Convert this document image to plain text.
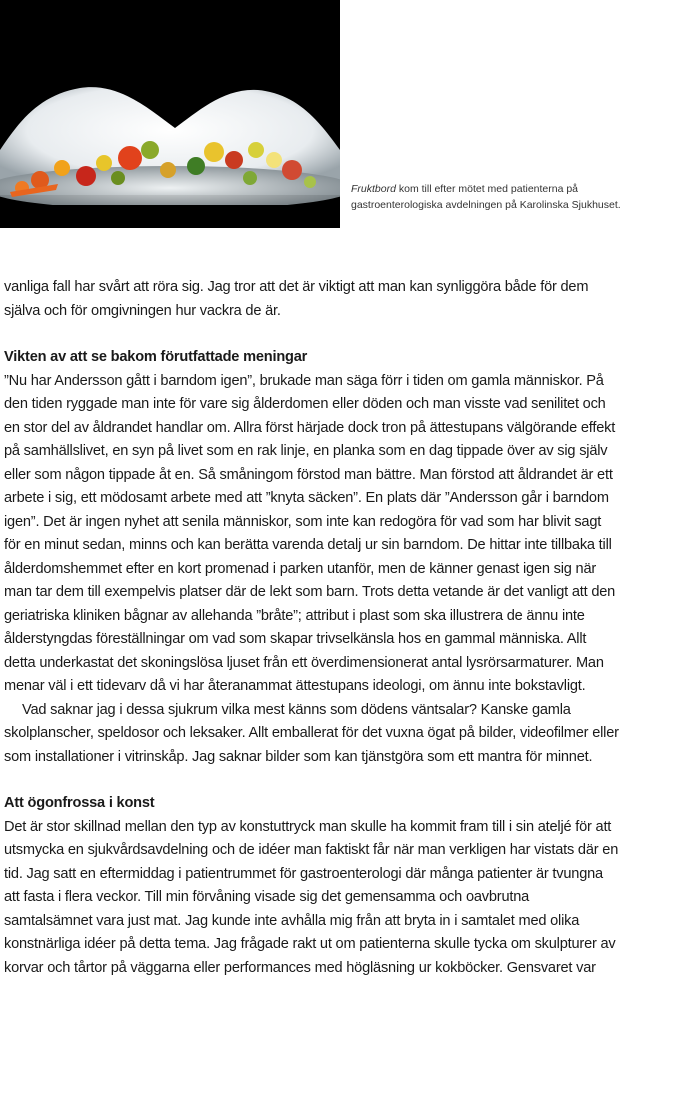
Fruktbord kom till efter mötet med patienterna på gastroenterologiska avdelningen på Karolinska Sjukhuset.

vanliga fall har svårt att röra sig. Jag tror att det är viktigt att man kan synliggöra både för dem själva och för omgivningen hur vackra de är.

Vikten av att se bakom förutfattade meningar

”Nu har Andersson gått i barndom igen”, brukade man säga förr i tiden om gamla människor. På den tiden ryggade man inte för vare sig ålderdomen eller döden och man visste vad senilitet och en stor del av åldrandet handlar om. Allra först härjade dock tron på ättestupans välgörande effekt på samhällslivet, en syn på livet som en rak linje, en planka som en dag tippade över av sig själv eller som någon tippade åt en. Så småningom förstod man bättre. Man förstod att åldrandet är ett arbete i sig, ett mödosamt arbete med att ”knyta säcken”. En plats där ”Andersson går i barndom igen”. Det är ingen nyhet att senila människor, som inte kan redogöra för vad som har blivit sagt för en minut sedan, minns och kan berätta varenda detalj ur sin barndom. De hittar inte tillbaka till ålderdomshemmet efter en kort promenad i parken utanför, men de känner genast igen sig när man tar dem till exempelvis platser där de lekt som barn. Trots detta vetande är det vanligt att den geriatriska kliniken bågnar av allehanda ”bråte”; attribut i plast som ska illustrera de ännu inte ålderstyngdas föreställningar om vad som skapar trivselkänsla hos en gammal människa. Allt detta underkastat det skoningslösa ljuset från ett överdimensionerat antal lysrörsarmaturer. Man menar väl i ett tidevarv då vi har återanammat ättestupans ideologi, om ännu inte bokstavligt.

Vad saknar jag i dessa sjukrum vilka mest känns som dödens väntsalar? Kanske gamla skolplanscher, speldosor och leksaker. Allt emballerat för det vuxna ögat på bilder, videofilmer eller som installationer i vitrinskåp. Jag saknar bilder som kan tjänstgöra som ett mantra för minnet.

Att ögonfrossa i konst

Det är stor skillnad mellan den typ av konstuttryck man skulle ha kommit fram till i sin ateljé för att utsmycka en sjukvårdsavdelning och de idéer man faktiskt får när man verkligen har vistats där en tid. Jag satt en eftermiddag i patientrummet för gastroenterologi där många patienter är tvungna att fasta i flera veckor. Till min förvåning visade sig det gemensamma och oavbrutna samtalsämnet vara just mat. Jag kunde inte avhålla mig från att bryta in i samtalet med olika konstnärliga idéer på detta tema. Jag frågade rakt ut om patienterna skulle tycka om skulpturer av korvar och tårtor på väggarna eller performances med högläsning ur kokböcker. Gensvaret var
